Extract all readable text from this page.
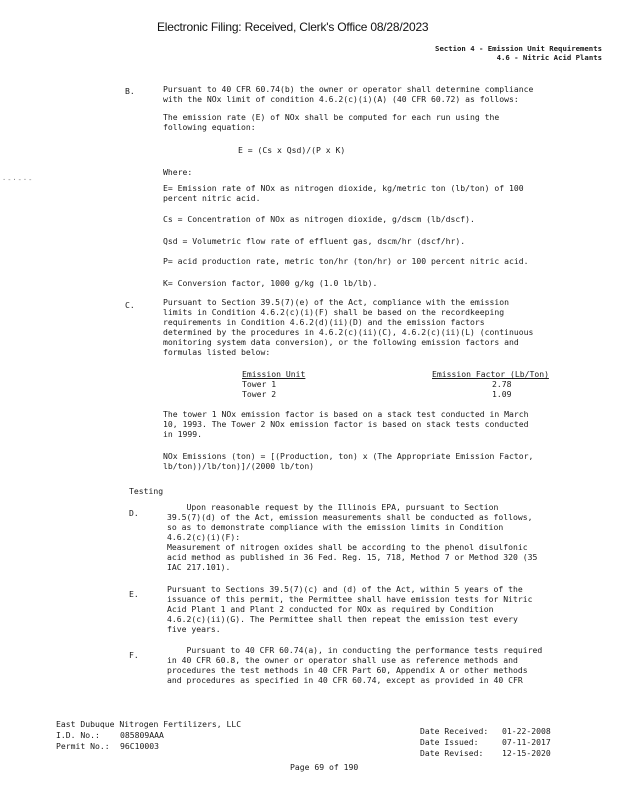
Electronic Filing: Received, Clerk's Office 08/28/2023
Section 4 - Emission Unit Requirements
4.6 - Nitric Acid Plants
·-·-·-
B.	Pursuant to 40 CFR 60.74(b) the owner or operator shall determine compliance
with the NOx limit of condition 4.6.2(c)(i)(A) (40 CFR 60.72) as follows:
The emission rate (E) of NOx shall be computed for each run using the
following equation:
E = (Cs x Qsd)/(P x K)
Where:
E= Emission rate of NOx as nitrogen dioxide, kg/metric ton (lb/ton) of 100
percent nitric acid.
Cs = Concentration of NOx as nitrogen dioxide, g/dscm (lb/dscf).
Qsd = Volumetric flow rate of effluent gas, dscm/hr (dscf/hr).
P= acid production rate, metric ton/hr (ton/hr) or 100 percent nitric acid.
K= Conversion factor, 1000 g/kg (1.0 lb/lb).
C.	Pursuant to Section 39.5(7)(e) of the Act, compliance with the emission
limits in Condition 4.6.2(c)(i)(F) shall be based on the recordkeeping
requirements in Condition 4.6.2(d)(ii)(D) and the emission factors
determined by the procedures in 4.6.2(c)(ii)(C), 4.6.2(c)(ii)(L) (continuous
monitoring system data conversion), or the following emission factors and
formulas listed below:
Emission Unit	Emission Factor (Lb/Ton)
Tower 1	2.78
Tower 2	1.09
The tower 1 NOx emission factor is based on a stack test conducted in March
10, 1993. The Tower 2 NOx emission factor is based on stack tests conducted
in 1999.
NOx Emissions (ton) = [(Production, ton) x (The Appropriate Emission Factor,
lb/ton))/lb/ton)]/(2000 lb/ton)
Testing
D.
Upon reasonable request by the Illinois EPA, pursuant to Section
39.5(7)(d) of the Act, emission measurements shall be conducted as follows,
so as to demonstrate compliance with the emission limits in Condition
4.6.2(c)(i)(F):
Measurement of nitrogen oxides shall be according to the phenol disulfonic
acid method as published in 36 Fed. Reg. 15, 718, Method 7 or Method 320 (35
IAC 217.101).
E.	Pursuant to Sections 39.5(7)(c) and (d) of the Act, within 5 years of the
issuance of this permit, the Permittee shall have emission tests for Nitric
Acid Plant 1 and Plant 2 conducted for NOx as required by Condition
4.6.2(c)(ii)(G). The Permittee shall then repeat the emission test every
five years.
F.	Pursuant to 40 CFR 60.74(a), in conducting the performance tests required
in 40 CFR 60.8, the owner or operator shall use as reference methods and
procedures the test methods in 40 CFR Part 60, Appendix A or other methods
and procedures as specified in 40 CFR 60.74, except as provided in 40 CFR
East Dubuque Nitrogen Fertilizers, LLC
I.D. No.: 085809AAA
Permit No.: 96C10003
Date Received: 01-22-2008
Date Issued:	07-11-2017
Date Revised: 12-15-2020
Page 69 of 190
